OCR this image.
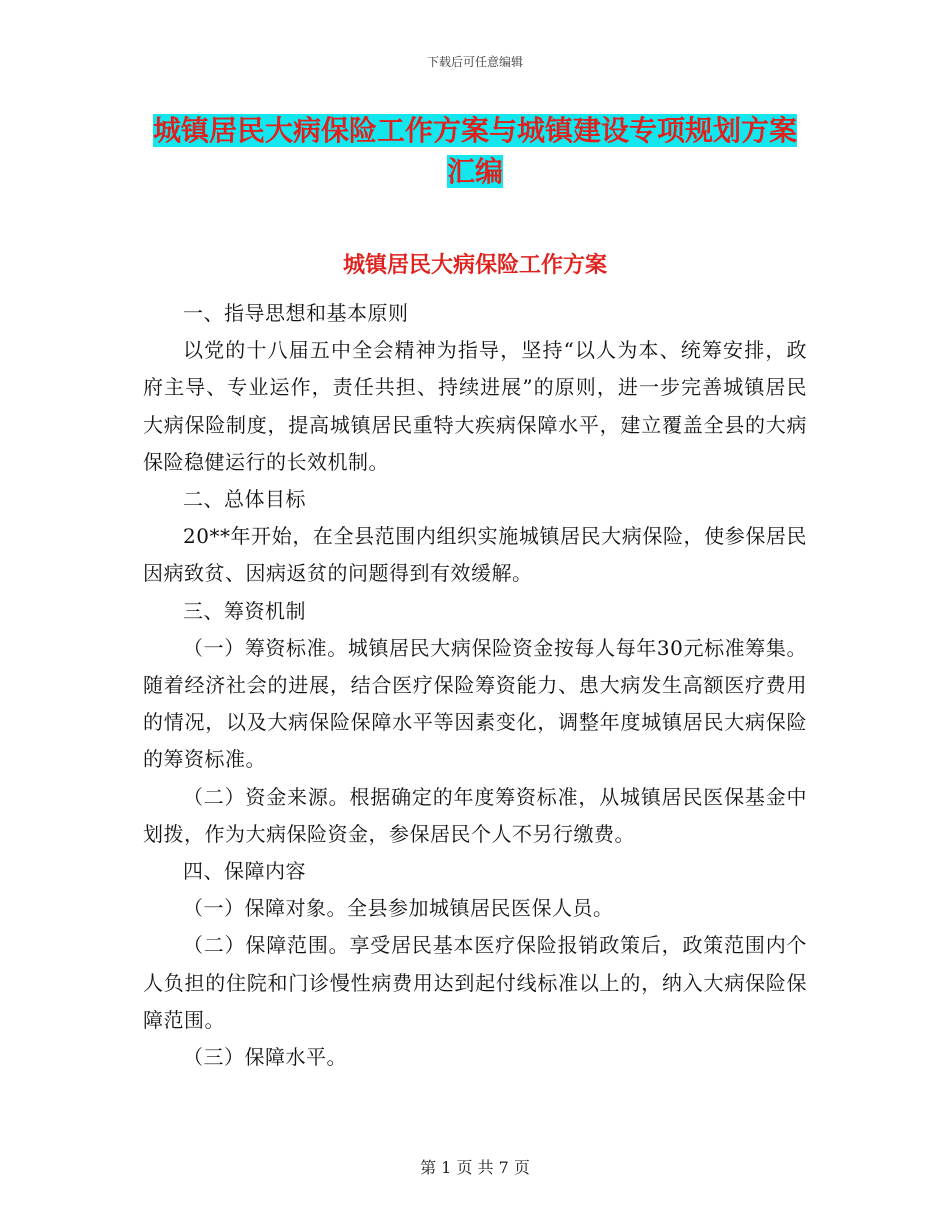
下载后可任意编辑
城镇居民大病保险工作方案与城镇建设专项规划方案
汇编
城镇居民大病保险工作方案

一、指导思想和基本原则

以党的十八届五中全会精神为指导，坚持“以人为本、统筹安排，政府主导、专业运作，责任共担、持续进展”的原则，进一步完善城镇居民大病保险制度，提高城镇居民重特大疾病保障水平，建立覆盖全县的大病保险稳健运行的长效机制。

二、总体目标

20**年开始，在全县范围内组织实施城镇居民大病保险，使参保居民因病致贫、因病返贫的问题得到有效缓解。

三、筹资机制

（一）筹资标准。城镇居民大病保险资金按每人每年30元标准筹集。随着经济社会的进展，结合医疗保险筹资能力、患大病发生高额医疗费用的情况，以及大病保险保障水平等因素变化，调整年度城镇居民大病保险的筹资标准。

（二）资金来源。根据确定的年度筹资标准，从城镇居民医保基金中划拨，作为大病保险资金，参保居民个人不另行缴费。

四、保障内容

（一）保障对象。全县参加城镇居民医保人员。

（二）保障范围。享受居民基本医疗保险报销政策后，政策范围内个人负担的住院和门诊慢性病费用达到起付线标准以上的，纳入大病保险保障范围。

（三）保障水平。

第 1 页 共 7 页
